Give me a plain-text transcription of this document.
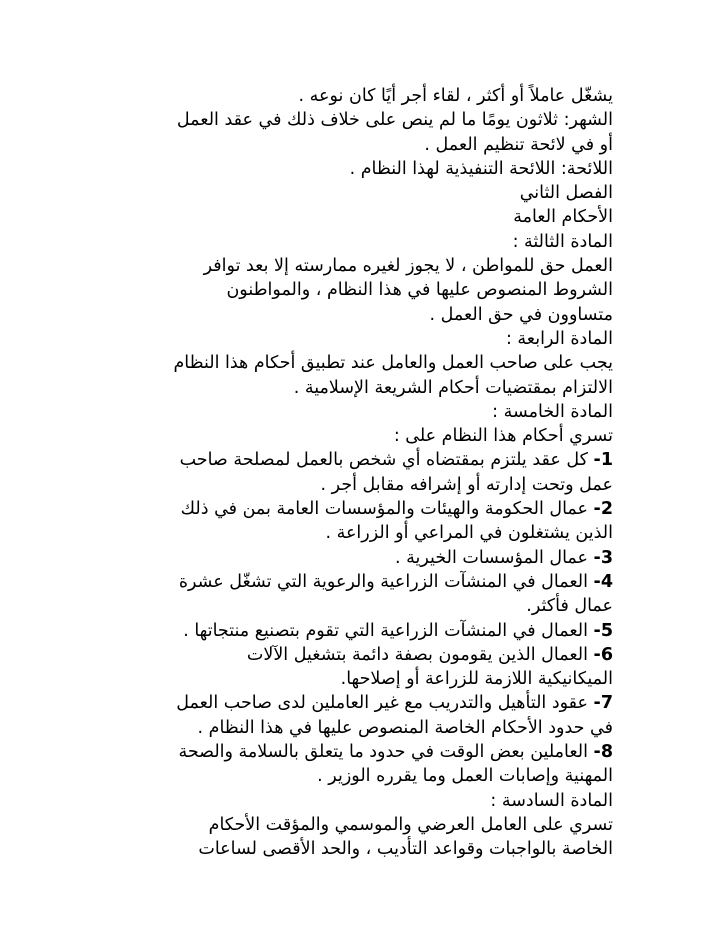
يشغّل عاملاً أو أكثر ، لقاء أجر أيًا كان نوعه .

الشهر: ثلاثون يومًا ما لم ينص على خلاف ذلك في عقد العمل

أو في لائحة تنظيم العمل .

اللائحة: اللائحة التنفيذية لهذا النظام .

الفصل الثاني

الأحكام العامة

المادة الثالثة :

العمل حق للمواطن ، لا يجوز لغيره ممارسته إلا بعد توافر

الشروط المنصوص عليها في هذا النظام ، والمواطنون

متساوون في حق العمل .

المادة الرابعة :

يجب على صاحب العمل والعامل عند تطبيق أحكام هذا النظام

الالتزام بمقتضيات أحكام الشريعة الإسلامية .

المادة الخامسة :

تسري أحكام هذا النظام على :

1- كل عقد يلتزم بمقتضاه أي شخص بالعمل لمصلحة صاحب

عمل وتحت إدارته أو إشرافه مقابل أجر .

2- عمال الحكومة والهيئات والمؤسسات العامة بمن في ذلك

الذين يشتغلون في المراعي أو الزراعة .

3- عمال المؤسسات الخيرية .

4- العمال في المنشآت الزراعية والرعوية التي تشغّل عشرة

عمال فأكثر.

5- العمال في المنشآت الزراعية التي تقوم بتصنيع منتجاتها .

6- العمال الذين يقومون بصفة دائمة بتشغيل الآلات

الميكانيكية اللازمة للزراعة أو إصلاحها.

7- عقود التأهيل والتدريب مع غير العاملين لدى صاحب العمل

في حدود الأحكام الخاصة المنصوص عليها في هذا النظام .

8- العاملين بعض الوقت في حدود ما يتعلق بالسلامة والصحة

المهنية وإصابات العمل وما يقرره الوزير .

المادة السادسة :

تسري على العامل العرضي والموسمي والمؤقت الأحكام

الخاصة بالواجبات وقواعد التأديب ، والحد الأقصى لساعات
